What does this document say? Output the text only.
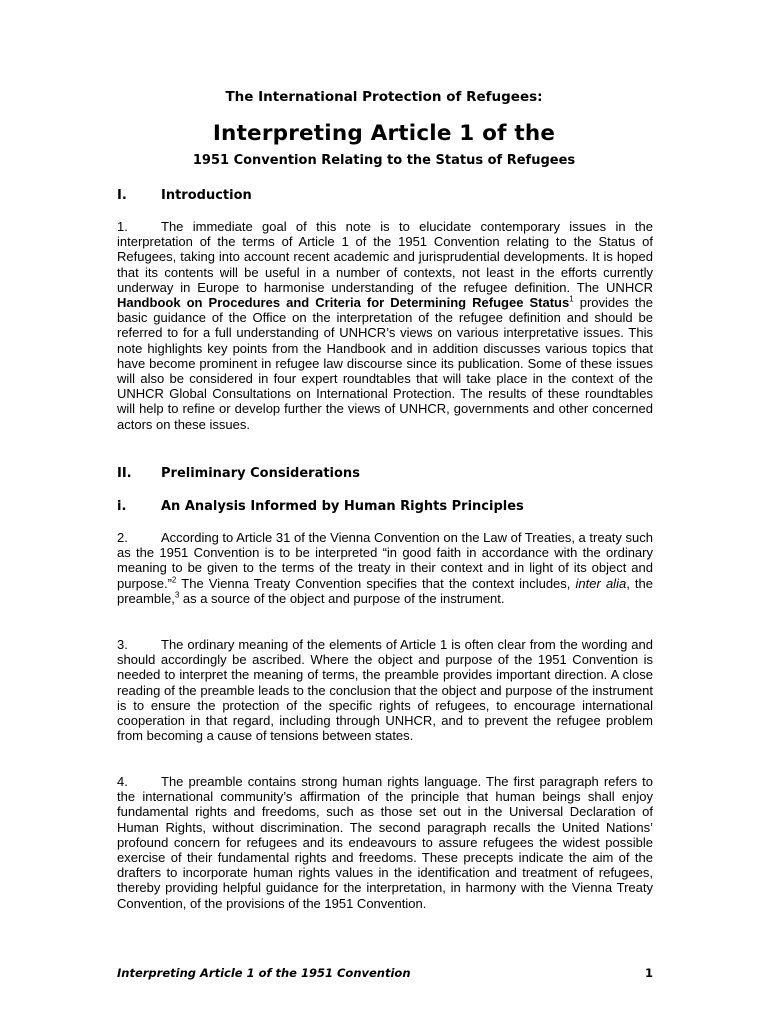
The International Protection of Refugees:
Interpreting Article 1 of the
1951 Convention Relating to the Status of Refugees
I.	Introduction
1.	The immediate goal of this note is to elucidate contemporary issues in the interpretation of the terms of Article 1 of the 1951 Convention relating to the Status of Refugees, taking into account recent academic and jurisprudential developments. It is hoped that its contents will be useful in a number of contexts, not least in the efforts currently underway in Europe to harmonise understanding of the refugee definition. The UNHCR Handbook on Procedures and Criteria for Determining Refugee Status$^1$ provides the basic guidance of the Office on the interpretation of the refugee definition and should be referred to for a full understanding of UNHCR’s views on various interpretative issues. This note highlights key points from the Handbook and in addition discusses various topics that have become prominent in refugee law discourse since its publication. Some of these issues will also be considered in four expert roundtables that will take place in the context of the UNHCR Global Consultations on International Protection. The results of these roundtables will help to refine or develop further the views of UNHCR, governments and other concerned actors on these issues.
II. Preliminary Considerations
i.	An Analysis Informed by Human Rights Principles
2.	According to Article 31 of the Vienna Convention on the Law of Treaties, a treaty such as the 1951 Convention is to be interpreted “in good faith in accordance with the ordinary meaning to be given to the terms of the treaty in their context and in light of its object and purpose.”$^2$ The Vienna Treaty Convention specifies that the context includes, inter alia, the preamble,$^3$ as a source of the object and purpose of the instrument.
3.	The ordinary meaning of the elements of Article 1 is often clear from the wording and should accordingly be ascribed. Where the object and purpose of the 1951 Convention is needed to interpret the meaning of terms, the preamble provides important direction. A close reading of the preamble leads to the conclusion that the object and purpose of the instrument is to ensure the protection of the specific rights of refugees, to encourage international cooperation in that regard, including through UNHCR, and to prevent the refugee problem from becoming a cause of tensions between states.
4.	The preamble contains strong human rights language. The first paragraph refers to the international community’s affirmation of the principle that human beings shall enjoy fundamental rights and freedoms, such as those set out in the Universal Declaration of Human Rights, without discrimination. The second paragraph recalls the United Nations’ profound concern for refugees and its endeavours to assure refugees the widest possible exercise of their fundamental rights and freedoms. These precepts indicate the aim of the drafters to incorporate human rights values in the identification and treatment of refugees, thereby providing helpful guidance for the interpretation, in harmony with the Vienna Treaty Convention, of the provisions of the 1951 Convention.
Interpreting Article 1 of the 1951 Convention	1
